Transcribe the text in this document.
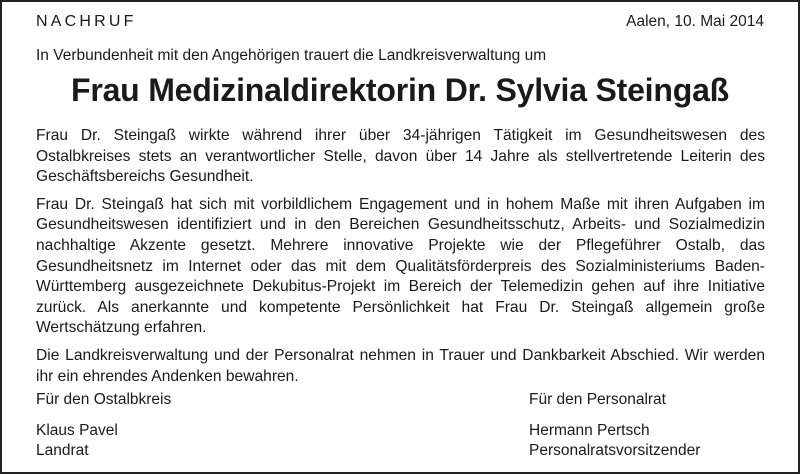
NACHRUF	Aalen, 10. Mai 2014
In Verbundenheit mit den Angehörigen trauert die Landkreisverwaltung um
Frau Medizinaldirektorin Dr. Sylvia Steingaß

Frau Dr. Steingaß wirkte während ihrer über 34-jährigen Tätigkeit im Gesundheitswesen des Ostalbkreises stets an verantwortlicher Stelle, davon über 14 Jahre als stellvertretende Leiterin des Geschäftsbereichs Gesundheit.

Frau Dr. Steingaß hat sich mit vorbildlichem Engagement und in hohem Maße mit ihren Aufgaben im Gesundheitswesen identifiziert und in den Bereichen Gesundheitsschutz, Arbeits- und Sozialmedizin nachhaltige Akzente gesetzt. Mehrere innovative Projekte wie der Pflegeführer Ostalb, das Gesundheitsnetz im Internet oder das mit dem Qualitätsförderpreis des Sozialministeriums Baden-Württemberg ausgezeichnete Dekubitus-Projekt im Bereich der Telemedizin gehen auf ihre Initiative zurück. Als anerkannte und kompetente Persönlichkeit hat Frau Dr. Steingaß allgemein große Wertschätzung erfahren.

Die Landkreisverwaltung und der Personalrat nehmen in Trauer und Dankbarkeit Abschied. Wir werden ihr ein ehrendes Andenken bewahren.

Für den Ostalbkreis
Klaus Pavel
Landrat
Für den Personalrat
Hermann Pertsch
Personalratsvorsitzender
